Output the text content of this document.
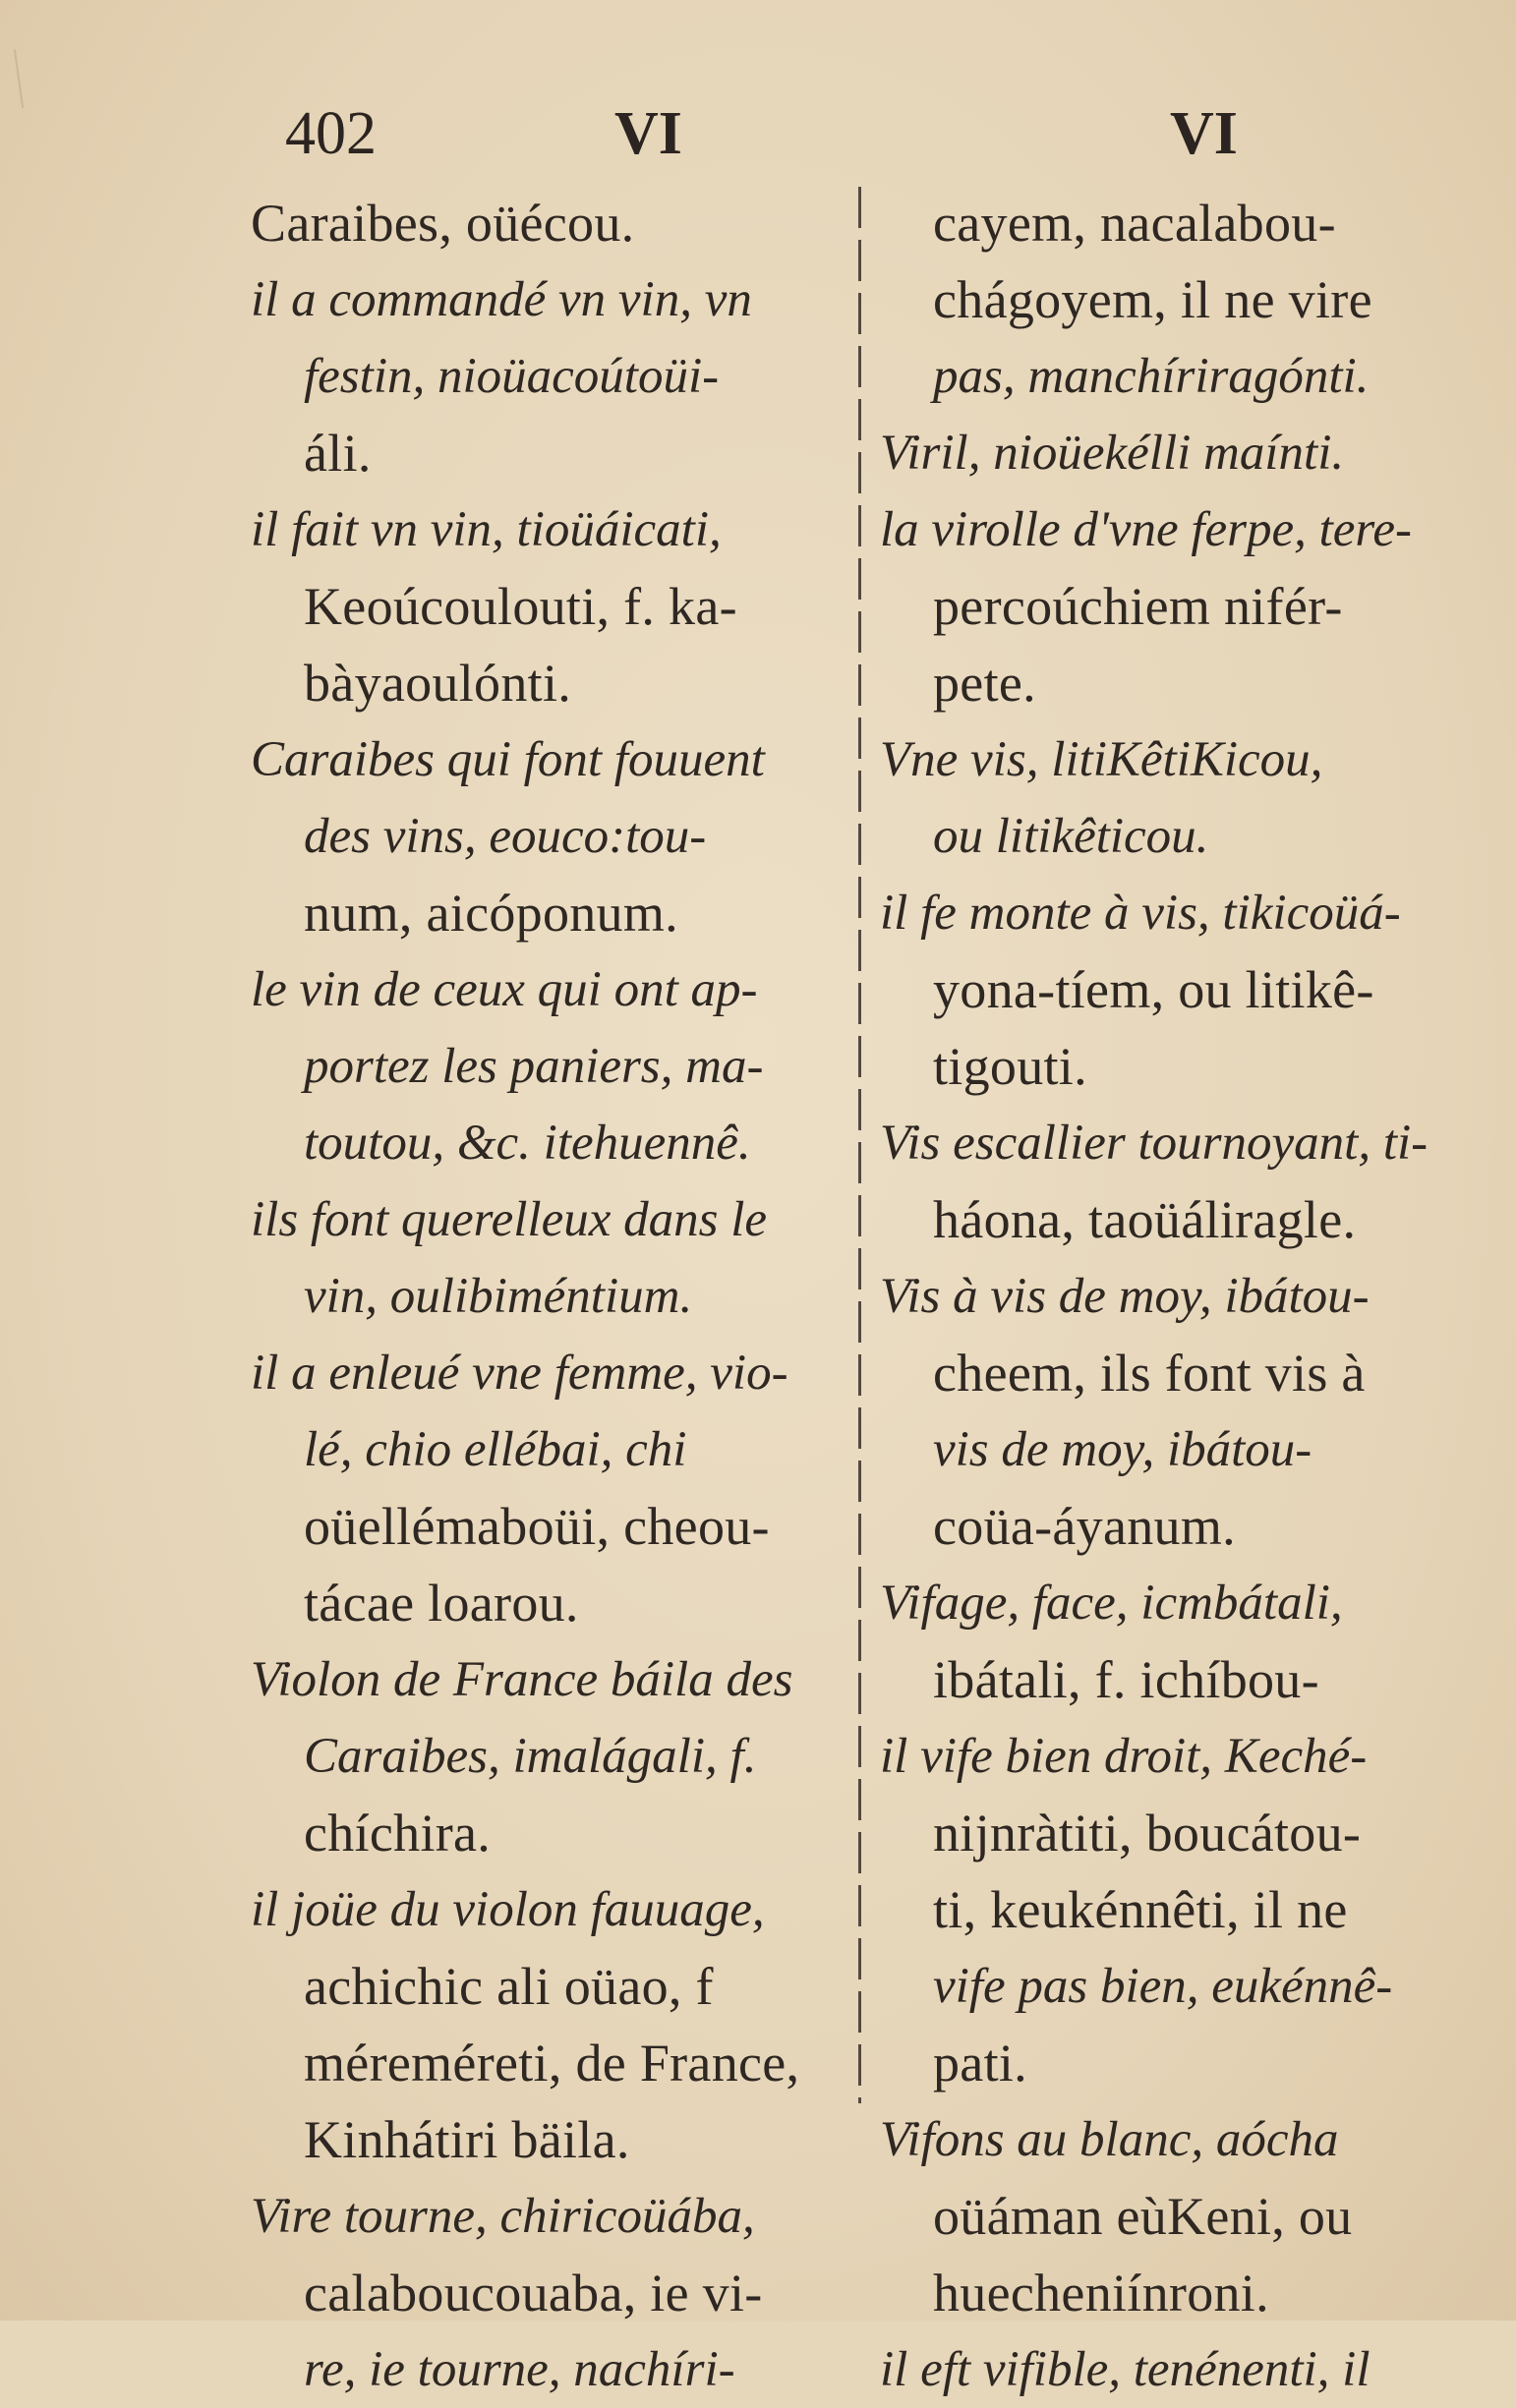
402	VI	VI
Caraibes, oüécou.
il a commandé vn vin, vn
festin, nioüacoútoüi-
áli.
il fait vn vin, tioüáicati,
Keoúcoulouti, f. ka-
bàyaoulónti.
Caraibes qui font fouuent
des vins, eouco:tou-
num, aicóponum.
le vin de ceux qui ont ap-
portez les paniers, ma-
toutou, &c. itehuennê.
ils font querelleux dans le
vin, oulibiméntium.
il a enleué vne femme, vio-
lé, chio ellébai, chi
oüellémaboüi, cheou-
tácae loarou.
Violon de France báila des
Caraibes, imalágali, f.
chíchira.
il joüe du violon fauuage,
achichic ali oüao, f
méreméreti, de France,
Kinhátiri bäila.
Vire tourne, chiricoüába,
calaboucouaba, ie vi-
re, ie tourne, nachíri-
cayem, nacalabou-
chágoyem, il ne vire
pas, manchíriragónti.
Viril, nioüekélli maínti.
la virolle d'vne ferpe, tere-
percoúchiem nifér-
pete.
Vne vis, litiKêtiKicou,
ou litikêticou.
il fe monte à vis, tikicoüá-
yona-tíem, ou litikê-
tigouti.
Vis escallier tournoyant, ti-
háona, taoüáliragle.
Vis à vis de moy, ibátou-
cheem, ils font vis à
vis de moy, ibátou-
coüa-áyanum.
Vifage, face, icmbátali,
ibátali, f. ichíbou-
il vife bien droit, Keché-
nijnràtiti, boucátou-
ti, keukénnêti, il ne
vife pas bien, eukénnê-
pati.
Vifons au blanc, aócha
oüáman eùKeni, ou
huecheniínroni.
il eft vifible, tenénenti, il
